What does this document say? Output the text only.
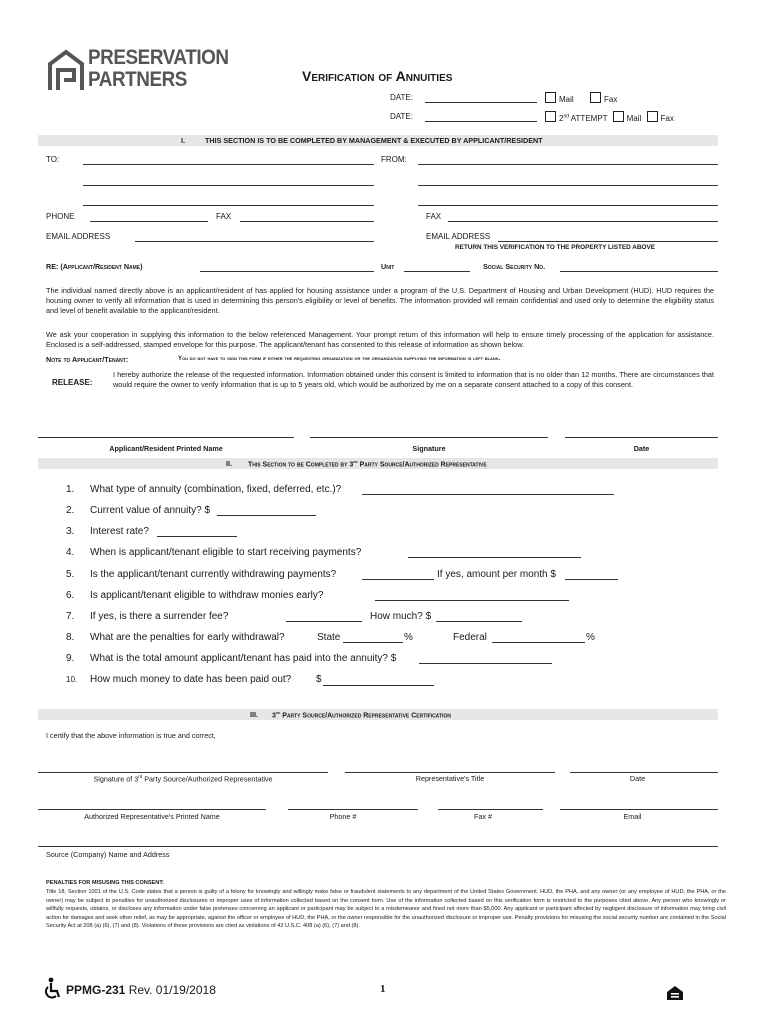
PRESERVATION
PARTNERS	Verification of Annuities
DATE:	Mail	Fax
DATE:	2nd ATTEMPT Mail Fax
I.	THIS SECTION IS TO BE COMPLETED BY MANAGEMENT & EXECUTED BY APPLICANT/RESIDENT
TO:	FROM:
PHONE	FAX	FAX
EMAIL ADDRESS	EMAIL ADDRESS
RETURN THIS VERIFICATION TO THE PROPERTY LISTED ABOVE
RE: (Applicant/Resident Name)	Unit	Social Security No.
The individual named directly above is an applicant/resident of has applied for housing assistance under a program of the U.S. Department of Housing and Urban Development (HUD). HUD requires the housing owner to verify all information that is used in determining this person's eligibility or level of benefits. The information provided will remain confidential and used only to determine the eligibility status and level of benefit available to the applicant/resident.
We ask your cooperation in supplying this information to the below referenced Management. Your prompt return of this information will help to ensure timely processing of the application for assistance. Enclosed is a self-addressed, stamped envelope for this purpose. The applicant/tenant has consented to this release of information as shown below.
Note to Applicant/Tenant:	You do not have to sign this form if either the requesting organization or the organization supplying the information is left blank.
RELEASE:
I hereby authorize the release of the requested information. Information obtained under this consent is limited to information that is no older than 12 months. There are circumstances that would require the owner to verify information that is up to 5 years old, which would be authorized by me on a separate consent attached to a copy of this consent.
Applicant/Resident Printed Name	Signature	Date
II. This Section to be Completed by 3rd Party Source/Authorized Representative
1. What type of annuity (combination, fixed, deferred, etc.)?
2. Current value of annuity? $
3. Interest rate?
4. When is applicant/tenant eligible to start receiving payments?
5. Is the applicant/tenant currently withdrawing payments?	If yes, amount per month $
6. Is applicant/tenant eligible to withdraw monies early?
7. If yes, is there a surrender fee?	How much? $
8. What are the penalties for early withdrawal?	State	%	Federal	%
9. What is the total amount applicant/tenant has paid into the annuity? $
10. How much money to date has been paid out? $
III. 3rd Party Source/Authorized Representative Certification
I certify that the above information is true and correct,
Signature of 3rd Party Source/Authorized Representative	Representative's Title	Date
Authorized Representative's Printed Name	Phone #	Fax #	Email
Source (Company) Name and Address
PENALTIES FOR MISUSING THIS CONSENT:
Title 18, Section 1001 of the U.S. Code states that a person is guilty of a felony for knowingly and willingly make false or fraudulent statements to any department of the United States Government. HUD, the PHA, and any owner (or any employee of HUD, the PHA, or the owner) may be subject to penalties for unauthorized disclosures or improper uses of information collected based on the consent form. Use of the information collected based on this verification form is restricted to the purposes cited above. Any person who knowingly or willfully requests, obtains, or discloses any information under false pretenses concerning an applicant or participant may be subject to a misdemeanor and fined not more than $5,000. Any applicant or participant affected by negligent disclosure of information may bring civil action for damages and seek other relief, as may be appropriate, against the officer or employee of HUD, the PHA, or the owner responsible for the unauthorized disclosure or improper use. Penalty provisions for misusing the social security number are contained in the Social Security Act at 208 (a) (6), (7) and (8). Violations of these provisions are cited as violations of 42 U.S.C. 408 (a) (6), (7) and (8).
PPMG-231 Rev. 01/19/2018	1
